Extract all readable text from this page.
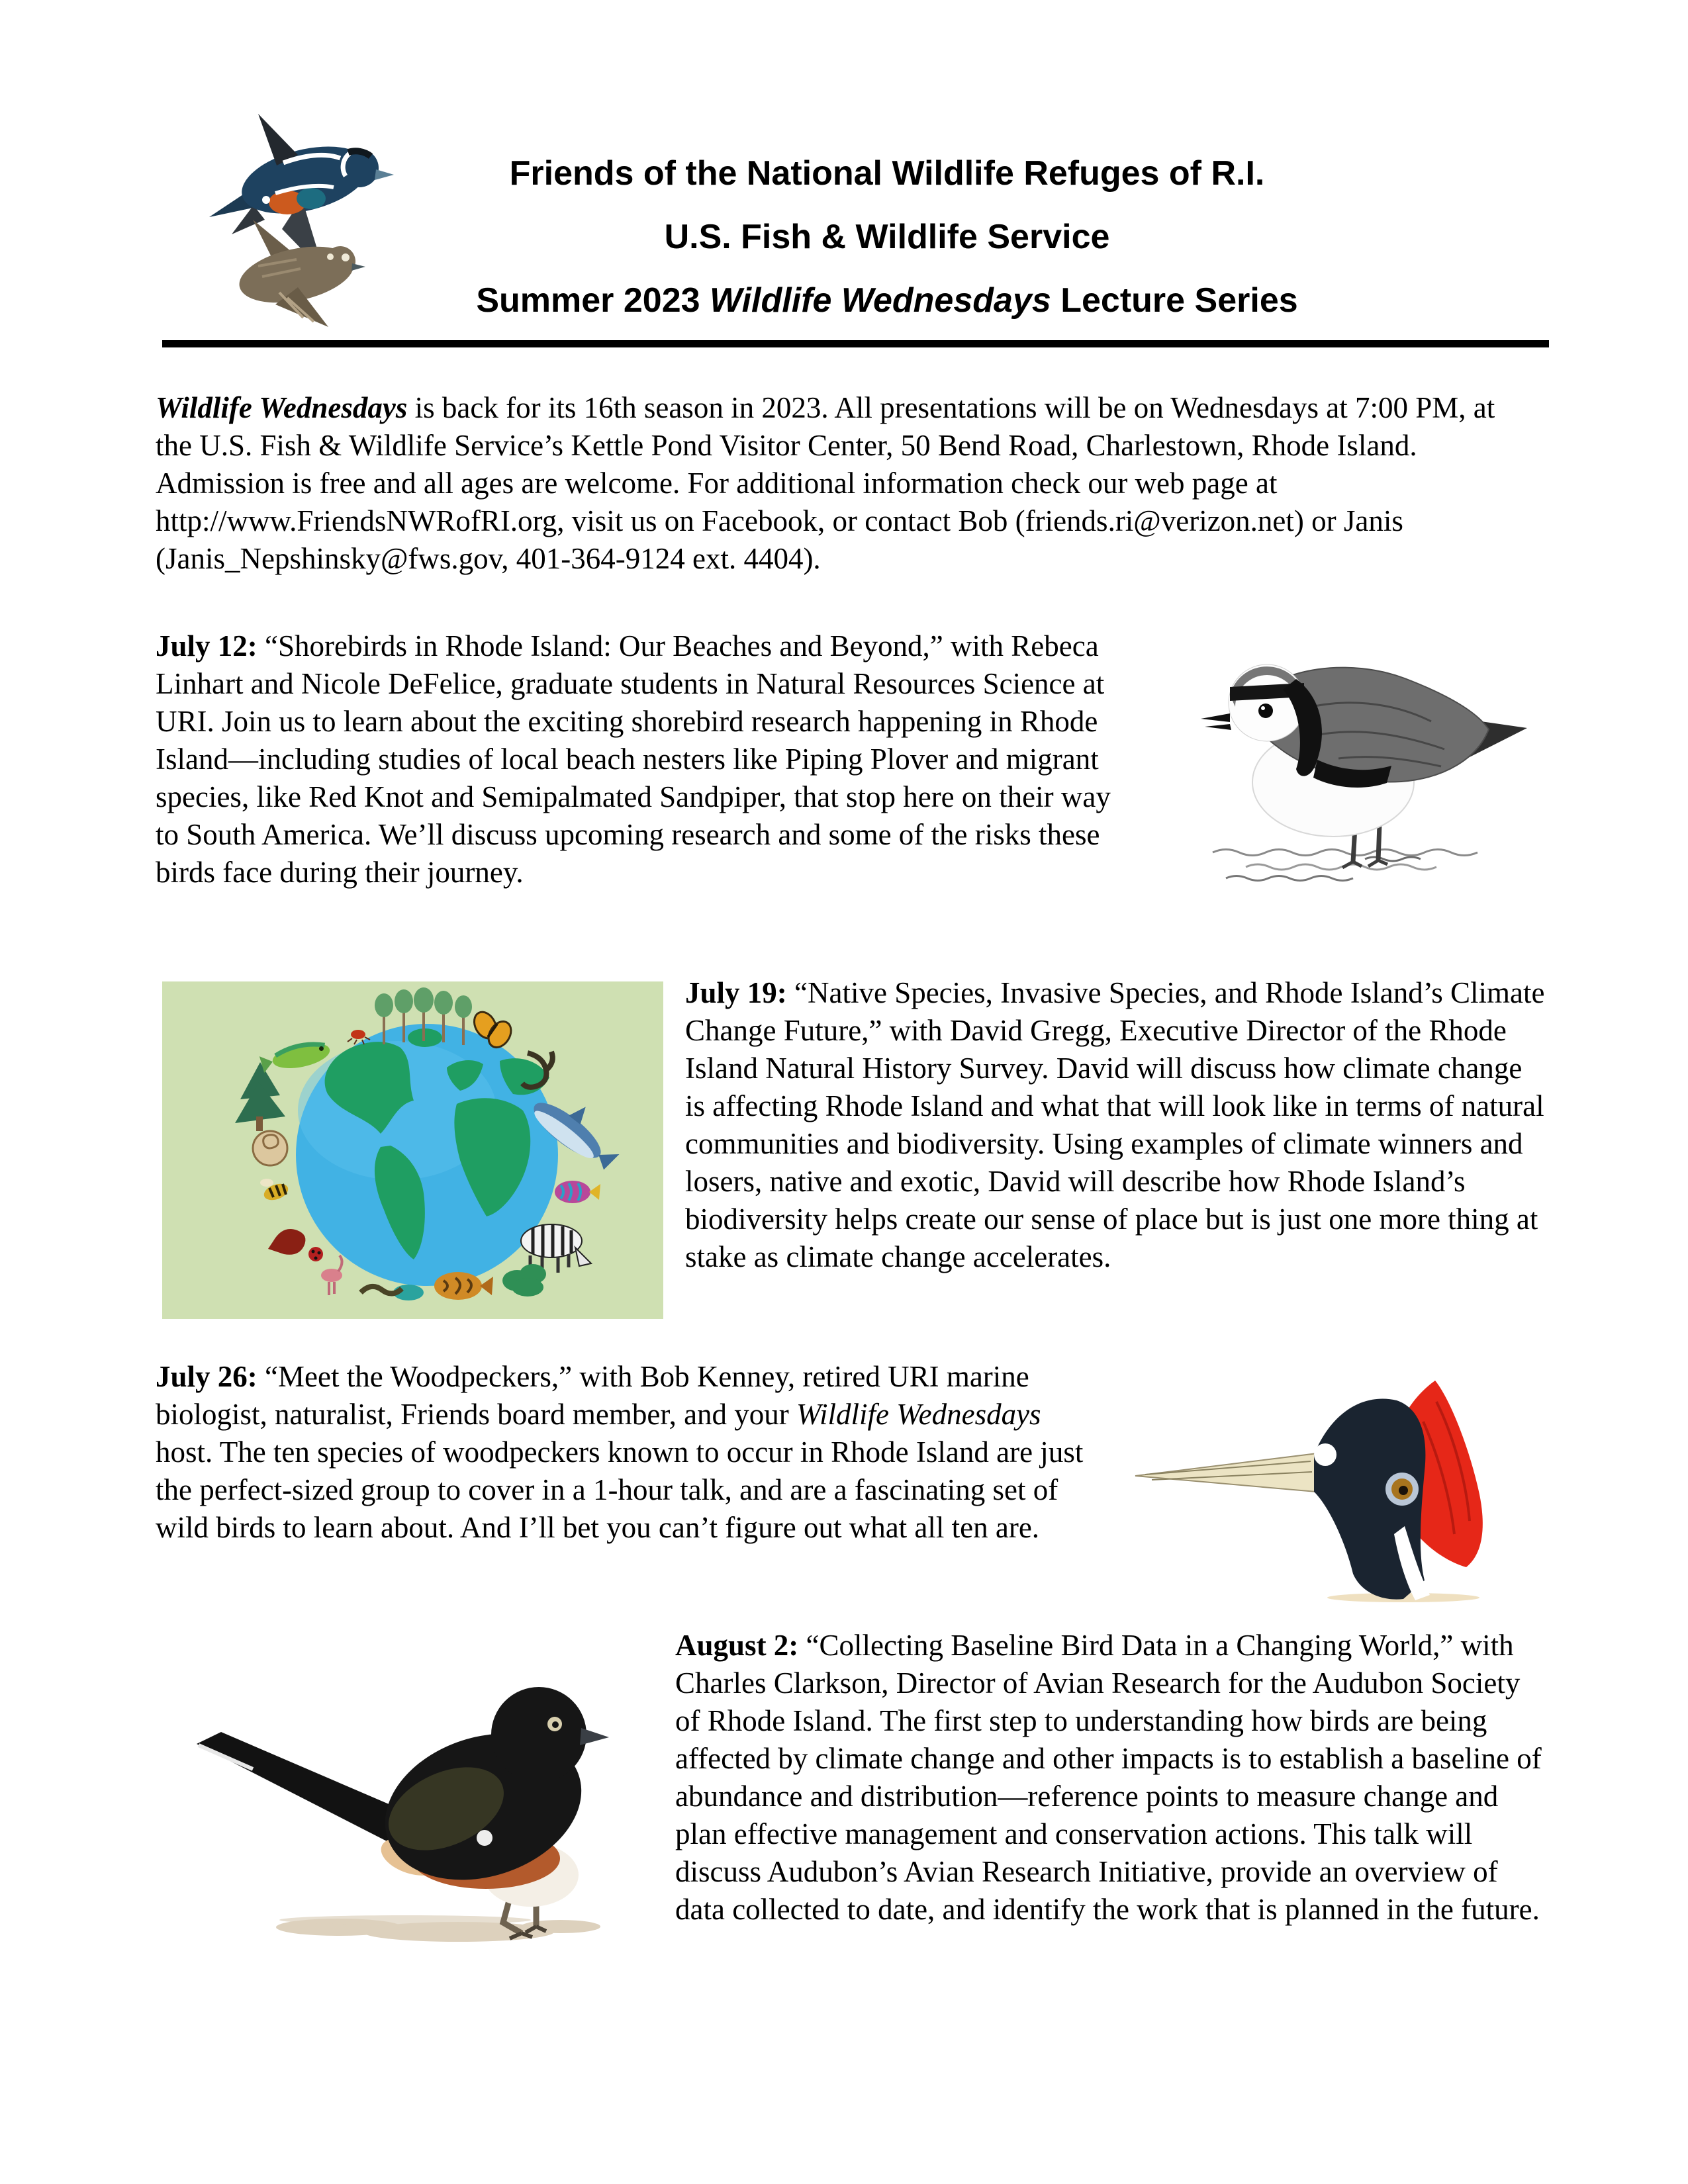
Friends of the National Wildlife Refuges of R.I.
U.S. Fish & Wildlife Service
Summer 2023 Wildlife Wednesdays Lecture Series
Wildlife Wednesdays is back for its 16th season in 2023. All presentations will be on Wednesdays at 7:00 PM, at the U.S. Fish & Wildlife Service’s Kettle Pond Visitor Center, 50 Bend Road, Charlestown, Rhode Island. Admission is free and all ages are welcome. For additional information check our web page at http://www.FriendsNWRofRI.org, visit us on Facebook, or contact Bob (friends.ri@verizon.net) or Janis (Janis_Nepshinsky@fws.gov, 401-364-9124 ext. 4404).
July 12: “Shorebirds in Rhode Island: Our Beaches and Beyond,” with Rebeca Linhart and Nicole DeFelice, graduate students in Natural Resources Science at URI. Join us to learn about the exciting shorebird research happening in Rhode Island—including studies of local beach nesters like Piping Plover and migrant species, like Red Knot and Semipalmated Sandpiper, that stop here on their way to South America. We’ll discuss upcoming research and some of the risks these birds face during their journey.
July 19: “Native Species, Invasive Species, and Rhode Island’s Climate Change Future,” with David Gregg, Executive Director of the Rhode Island Natural History Survey. David will discuss how climate change is affecting Rhode Island and what that will look like in terms of natural communities and biodiversity. Using examples of climate winners and losers, native and exotic, David will describe how Rhode Island’s biodiversity helps create our sense of place but is just one more thing at stake as climate change accelerates.
July 26: “Meet the Woodpeckers,” with Bob Kenney, retired URI marine biologist, naturalist, Friends board member, and your Wildlife Wednesdays host. The ten species of woodpeckers known to occur in Rhode Island are just the perfect-sized group to cover in a 1-hour talk, and are a fascinating set of wild birds to learn about. And I’ll bet you can’t figure out what all ten are.
August 2: “Collecting Baseline Bird Data in a Changing World,” with Charles Clarkson, Director of Avian Research for the Audubon Society of Rhode Island. The first step to understanding how birds are being affected by climate change and other impacts is to establish a baseline of abundance and distribution—reference points to measure change and plan effective management and conservation actions. This talk will discuss Audubon’s Avian Research Initiative, provide an overview of data collected to date, and identify the work that is planned in the future.
